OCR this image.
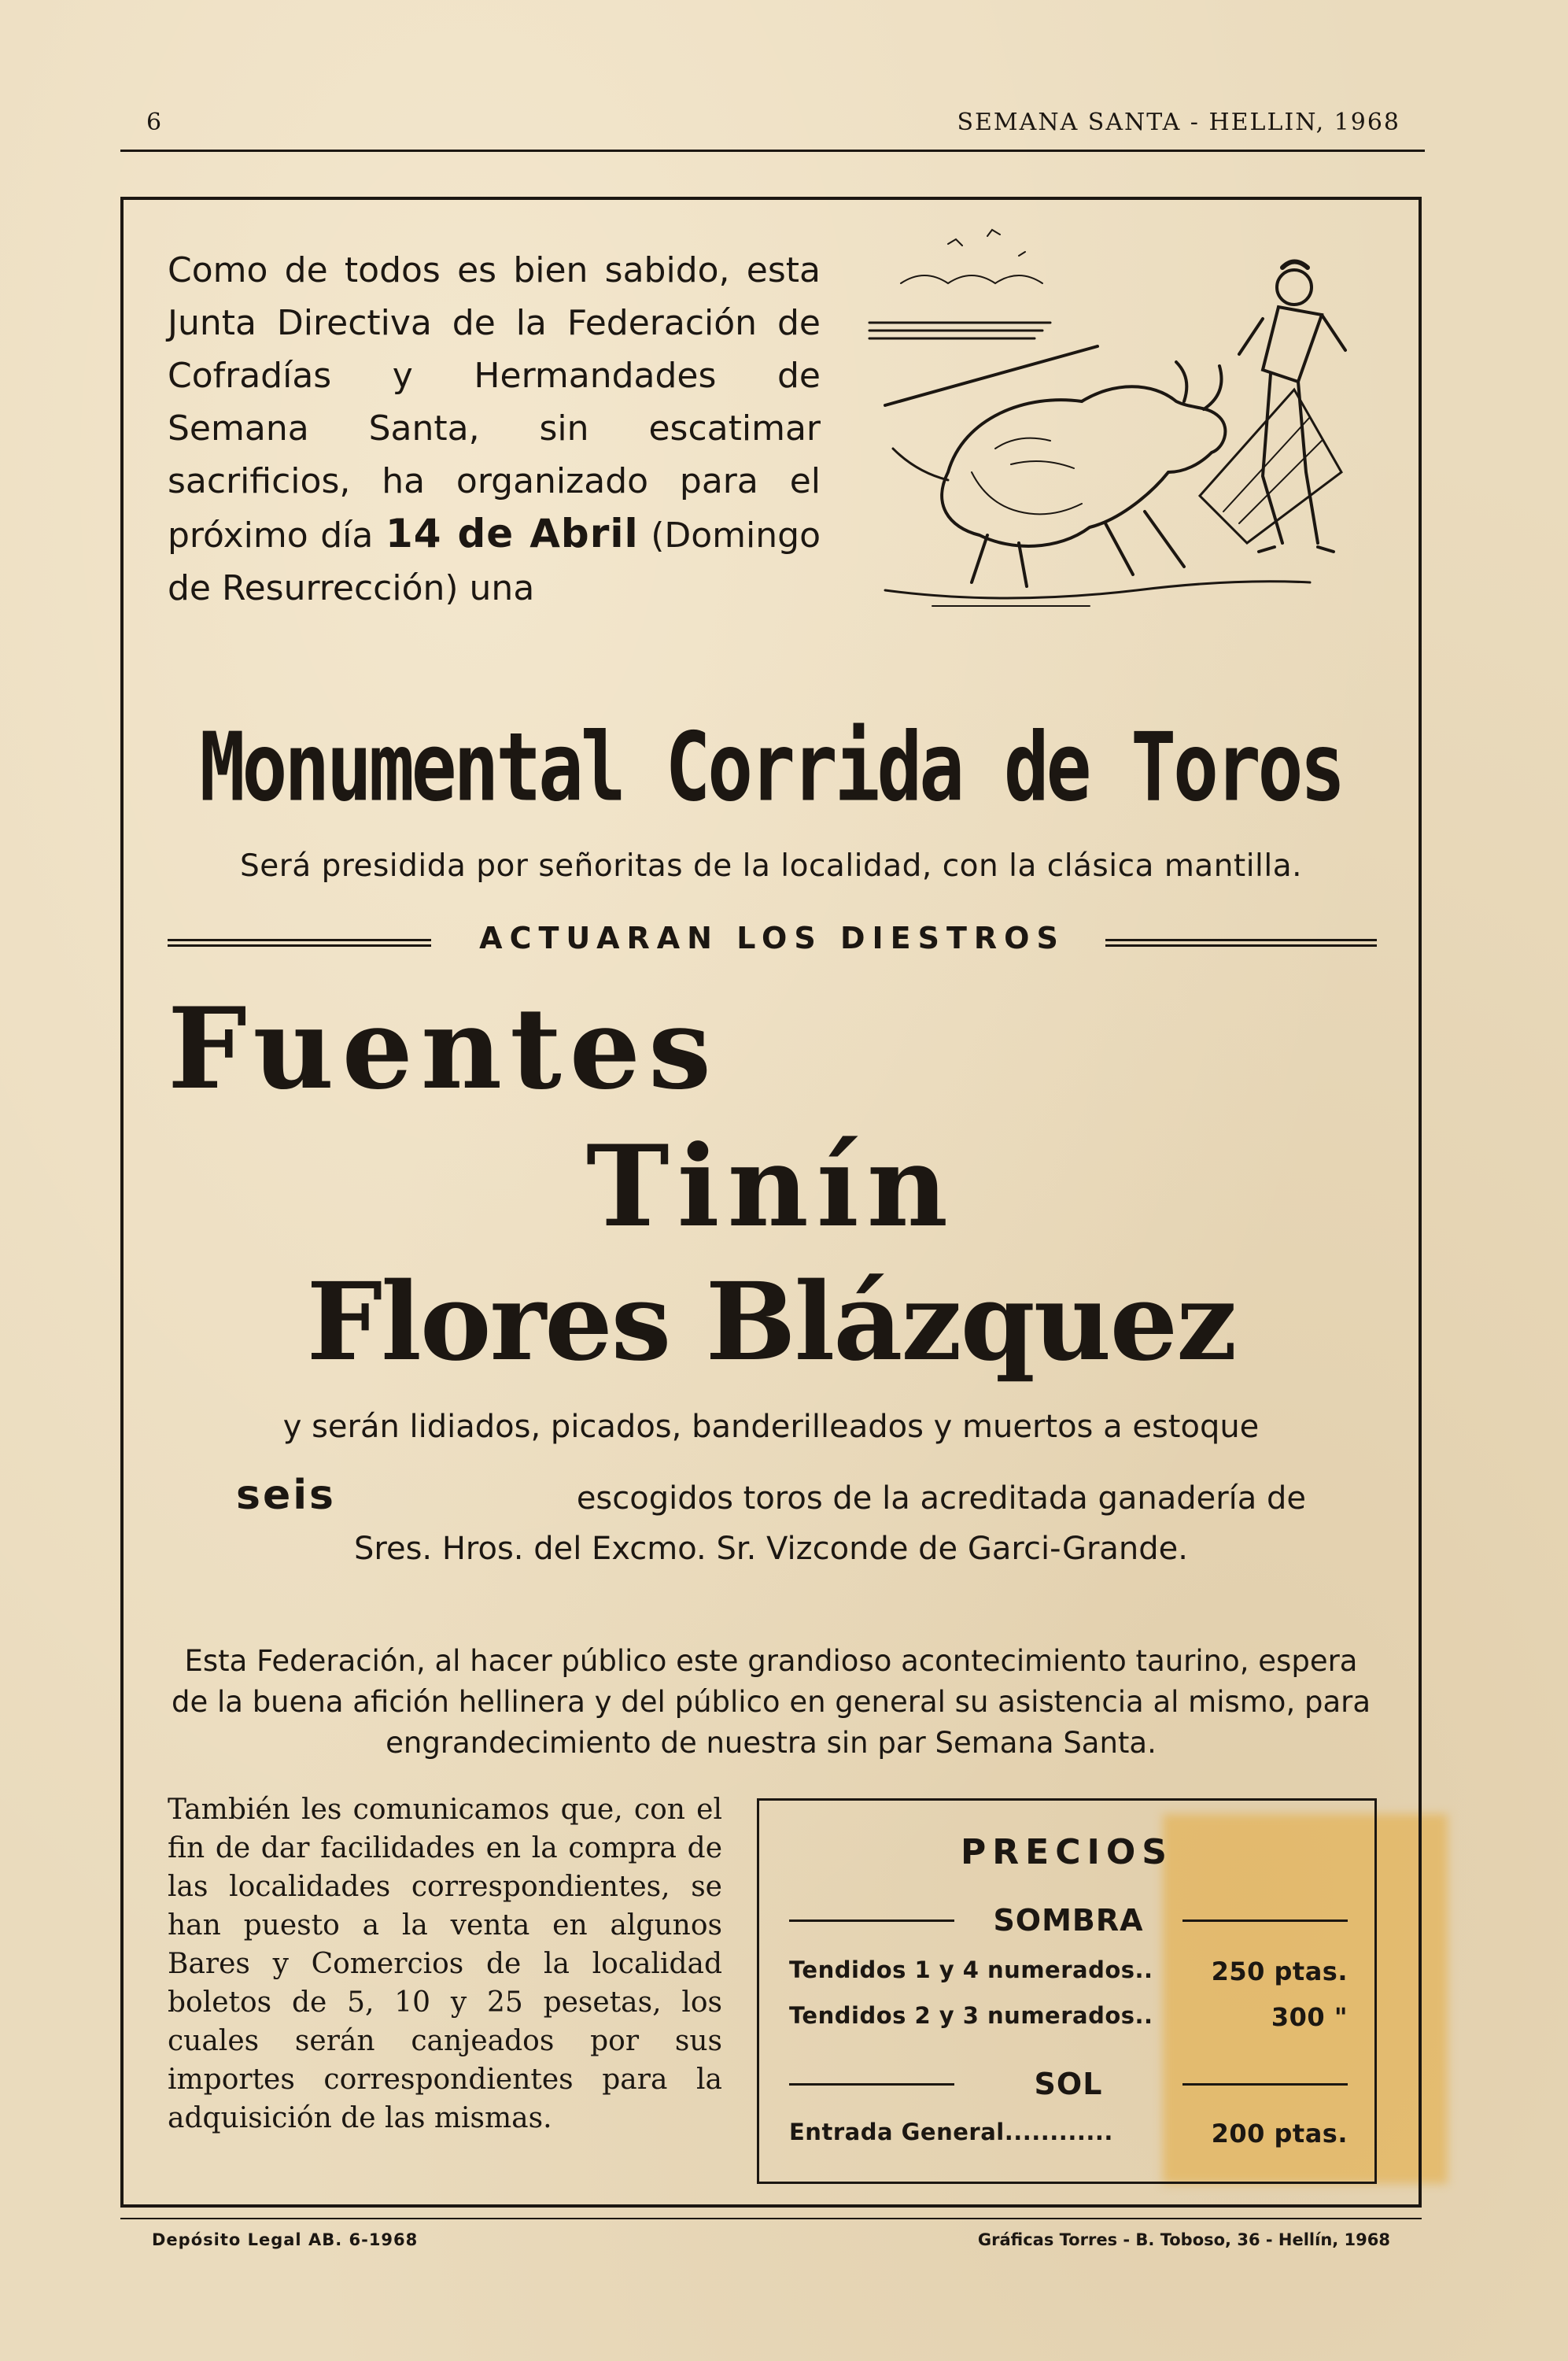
6	SEMANA SANTA - HELLIN, 1968
Como de todos es bien sabido, esta Junta Directiva de la Federación de Cofradías y Hermandades de Semana Santa, sin escatimar sacrificios, ha organizado para el próximo día 14 de Abril (Domingo de Resurrección) una
Monumental Corrida de Toros
Será presidida por señoritas de la localidad, con la clásica mantilla.
ACTUARAN LOS DIESTROS
Fuentes
Tinín
Flores Blázquez
y serán lidiados, picados, banderilleados y muertos a estoque
seis	escogidos toros de la acreditada ganadería de
Sres. Hros. del Excmo. Sr. Vizconde de Garci-Grande.
Esta Federación, al hacer público este grandioso acontecimiento taurino, espera de la buena afición hellinera y del público en general su asistencia al mismo, para engrandecimiento de nuestra sin par Semana Santa.
También les comunicamos que, con el fin de dar facilidades en la compra de las localidades correspondientes, se han puesto a la venta en algunos Bares y Comercios de la localidad boletos de 5, 10 y 25 pesetas, los cuales serán canjeados por sus importes correspondientes para la adquisición de las mismas.
PRECIOS
SOMBRA
Tendidos 1 y 4 numerados.. 250 ptas.
Tendidos 2 y 3 numerados..	300 "
SOL
Entrada General............	200 ptas.
Depósito Legal AB. 6-1968	Gráficas Torres - B. Toboso, 36 - Hellín, 1968
